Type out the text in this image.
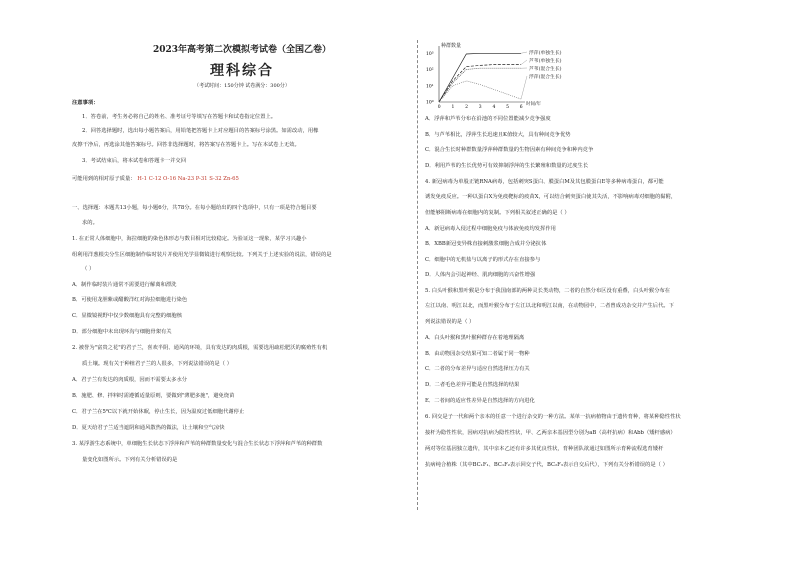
2023年高考第二次模拟考试卷（全国乙卷）
理科综合
（考试时间：150分钟 试卷满分：300分）
注意事项：
1．答卷前，考生务必将自己的姓名、准考证号等填写在答题卡和试卷指定位置上。
2．回答选择题时，选出每小题答案后，用铅笔把答题卡上对应题目的答案标号涂黑。如需改动，用橡
皮擦干净后，再选涂其他答案标号。回答非选择题时，将答案写在答题卡上。写在本试卷上无效。
3．考试结束后，将本试卷和答题卡一并交回
可能用到的相对原子质量： H-1 C-12 O-16 Na-23 P-31 S-32 Zn-65
一、选择题：本题共13小题，每小题6分，共78分。在每小题给出的四个选项中，只有一项是符合题目要
求的。
1. 在正常人体细胞中，海拉细胞的染色体形态与数目相对比较稳定。为验证这一现象，某学习兴趣小
组利用洋葱根尖分生区细胞制作临时装片并使用光学显微镜进行观察比较。下列关于上述实验的说法，错误的是
（ ）
A．制作临时装片通常不需要进行解离和漂洗
B．可使用龙胆紫或醋酸洋红对海拉细胞进行染色
C．显微镜视野中仅少数细胞具有完整的细胞核
D．部分细胞中未出现环沟与细胞骨架有关
2. 被誉为"富贵之花"的君子兰，喜欢半阴、通风的环境，具有发达的肉质根，需要选用疏松肥沃的腐殖性有机
质土壤。现有关于种植君子兰的人很多，下列说法错误的是（ ）
A．君子兰有发达的肉质根，因而不需要太多水分
B．施肥、修、拌料时需遵循适量原则，要做到"薄肥多施"，避免烧苗
C．君子兰在5℃以下就开始休眠，停止生长，因为温度过低细胞代谢停止
D．夏天给君子兰适当遮阴和通风散热的做法，让土壤和空气凉快
3. 某浮游生态系统中，单细胞生长状态下浮萍和芦苇的种群数量变化与混合生长状态下浮萍和芦苇的种群数
量变化如图所示。下列有关分析错误的是
种群数量
时间/年
0 1 2 3 4 5 6
10³
10²
10¹
10⁰
浮萍(单独生长)
芦苇(单独生长)
芦苇(混合生长)
浮萍(混合生长)
A．浮萍和芦苇分布在沿池的不同位置能减少竞争强度
B．与芦苇相比，浮萍生长迅速且K值较大，具有种间竞争优势
C．混合生长时种群数量浮萍种群数量的生物因素有种间竞争和种内竞争
D．利用芦苇的生长优势可有效抑制浮萍的生长繁殖和数量的过度生长
4. 新冠病毒为单股正链RNA病毒，包括刺突S蛋白、膜蛋白M及其包膜蛋白E等多种病毒蛋白，都可能
诱发免疫反应。一种以蛋白X为免疫靶标的疫苗X，可以结合刺突蛋白使其失活，不影响病毒对细胞的黏附，
但能够阻断病毒在细胞内的复制。下列相关叙述正确的是（ ）
A．新冠病毒入侵过程中细胞免疫与体液免疫均发挥作用
B．XBB新冠变异株直接刺激浆细胞合成并分泌抗体
C．细胞中的无机盐与以离子的形式存在直接参与
D．人体内会引起神经、肌肉细胞的兴奋性增强
5. 白头叶猴和黑叶猴是分布于我国南部的两种灵长类动物，二者的自然分布区没有重叠，白头叶猴分布在
左江以南、明江以北，而黑叶猴分布于左江以北和明江以南，在动物园中，二者曾成功杂交并产生后代。下
列说法错误的是（ ）
A．白头叶猴和黑叶猴种群存在着地理隔离
B．由动物园杂交结果可知二者属于同一物种
C．二者的分布差异与适应自然选择压力有关
D．二者毛色差异可能是自然选择的结果
E．二者间的适应性差异是自然选择的方向进化
6. 回交是子一代和两个亲本的任意一个进行杂交的一种方法。某单一抗病植物由于遗传育种，将某种隐性性状
接杆为隐性性状，因病对抗病为隐性性状，甲、乙两亲本基因型分别为aB（高杆抗病）和Abb（矮杆感病）
两对等位基因独立遗传，其中亲本乙还有许多其优良性状，育种团队欲通过如图所示育种流程选育矮杆
抗病纯合植株（其中BC₁F₁、BC₁F₂表示回交子代，BC₂F₃表示自交后代），下列有关分析错误的是（ ）
